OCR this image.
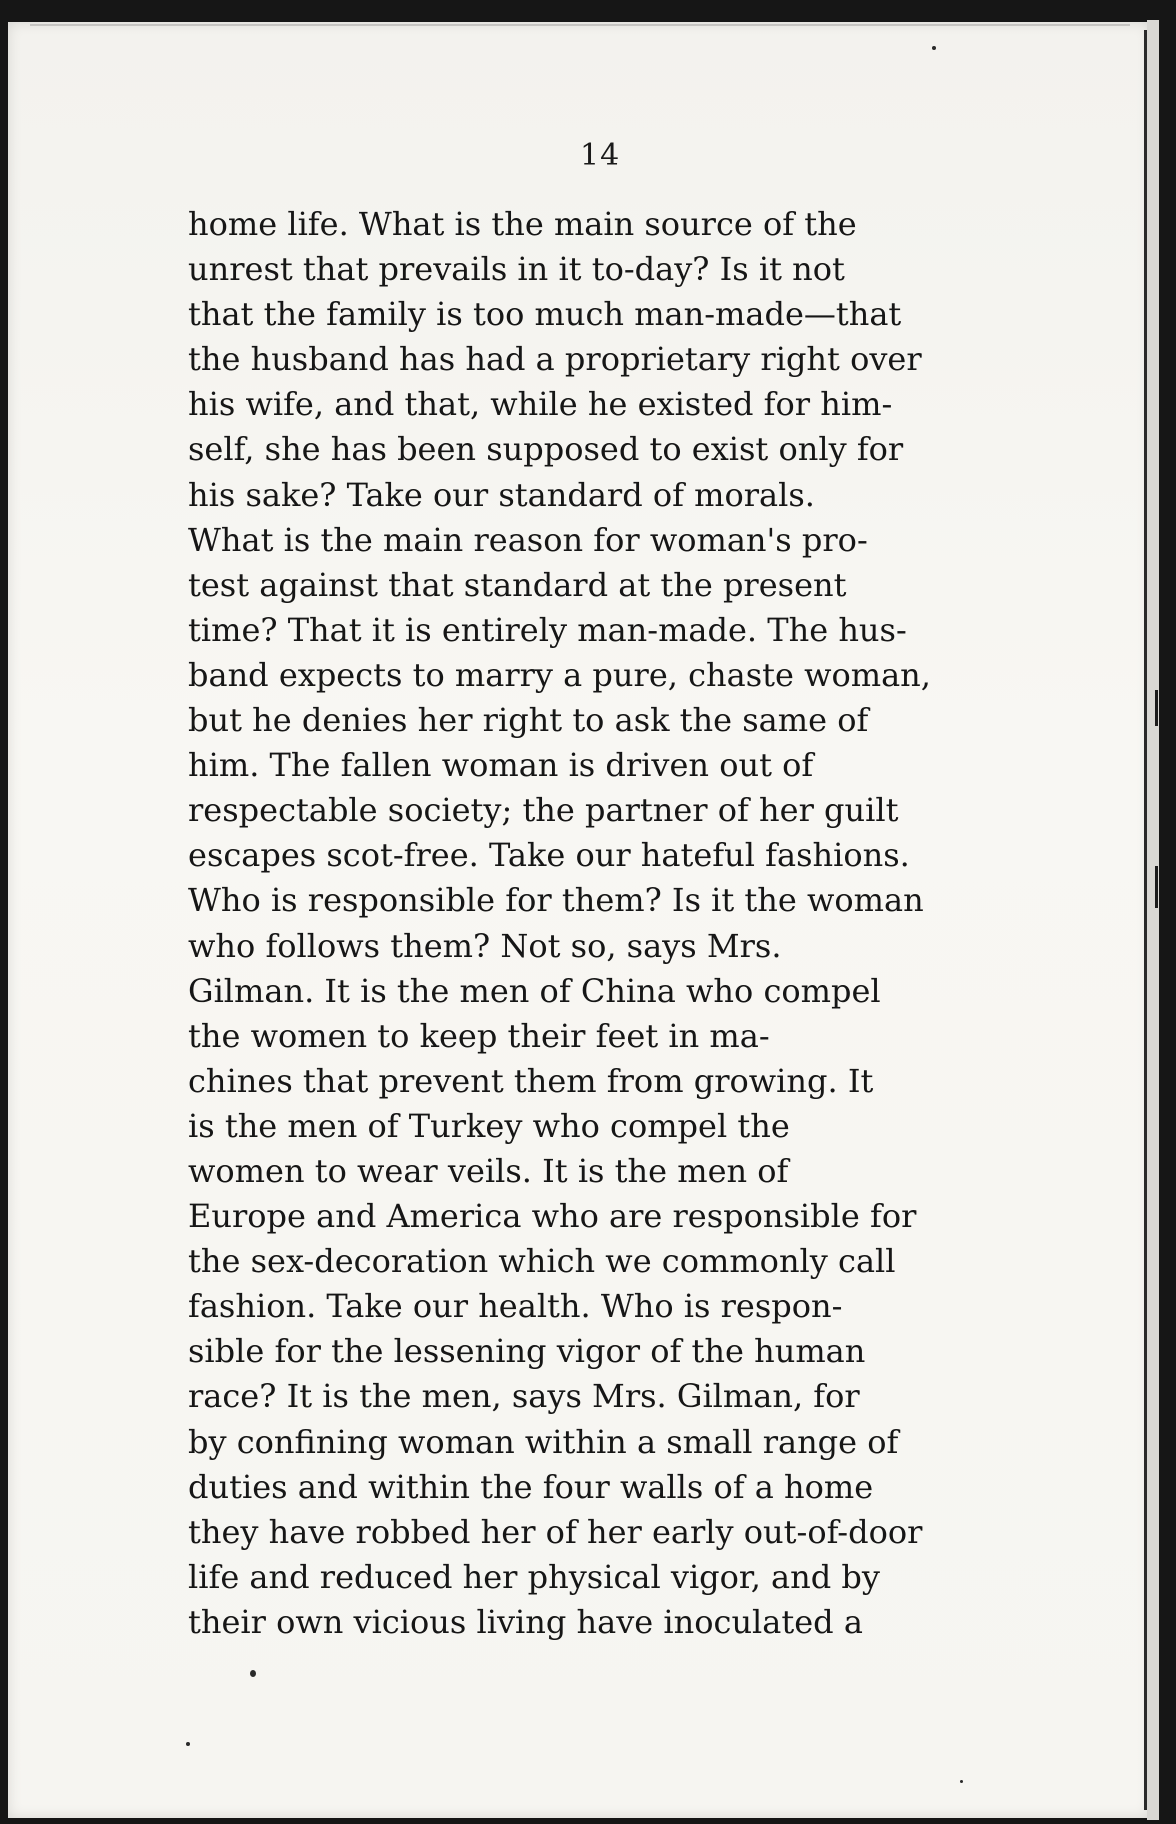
14
home life. What is the main source of the
unrest that prevails in it to-day? Is it not
that the family is too much man-made—that
the husband has had a proprietary right over
his wife, and that, while he existed for him-
self, she has been supposed to exist only for
his sake? Take our standard of morals.
What is the main reason for woman's pro-
test against that standard at the present
time? That it is entirely man-made. The hus-
band expects to marry a pure, chaste woman,
but he denies her right to ask the same of
him. The fallen woman is driven out of
respectable society; the partner of her guilt
escapes scot-free. Take our hateful fashions.
Who is responsible for them? Is it the woman
who follows them? Not so, says Mrs.
Gilman. It is the men of China who compel
the women to keep their feet in ma-
chines that prevent them from growing. It
is the men of Turkey who compel the
women to wear veils. It is the men of
Europe and America who are responsible for
the sex-decoration which we commonly call
fashion. Take our health. Who is respon-
sible for the lessening vigor of the human
race? It is the men, says Mrs. Gilman, for
by confining woman within a small range of
duties and within the four walls of a home
they have robbed her of her early out-of-door
life and reduced her physical vigor, and by
their own vicious living have inoculated a
